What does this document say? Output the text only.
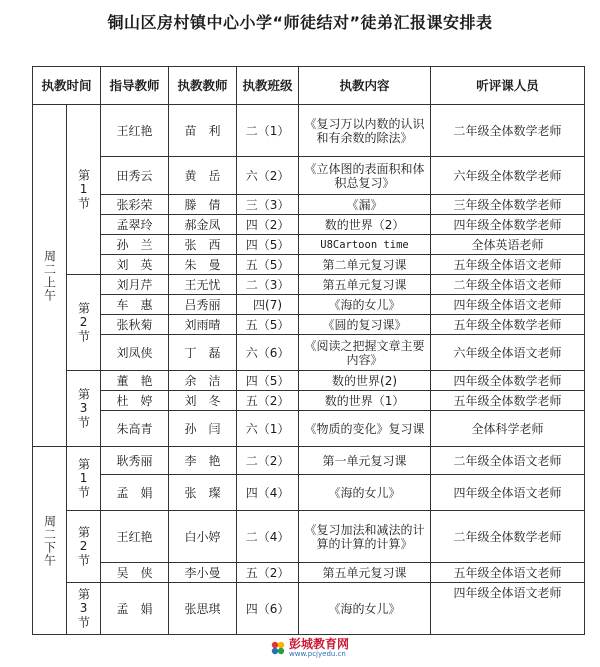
铜山区房村镇中心小学“师徒结对”徒弟汇报课安排表
执教时间		指导教师	执教教师	执教班级	执教内容	听评课人员
周二上午	第1节	王红艳	苗　利	二（1）	《复习万以内数的认识和有余数的除法》	二年级全体数学老师
		田秀云	黄　岳	六（2）	《立体图的表面积和体积总复习》	六年级全体数学老师
		张彩荣	滕　倩	三（3）	《漏》	三年级全体数学老师
		孟翠玲	郝金凤	四（2）	数的世界（2）	四年级全体数学老师
		孙　兰	张　西	四（5）	U8Cartoon time	全体英语老师
		刘　英	朱　曼	五（5）	第二单元复习课	五年级全体语文老师
	第2节	刘月芹	王无忧	二（3）	第五单元复习课	二年级全体语文老师
		车　惠	吕秀丽	四(7)	《海的女儿》	四年级全体语文老师
		张秋菊	刘雨晴	五（5）	《圆的复习课》	五年级全体数学老师
		刘凤侠	丁　磊	六（6）	《阅读之把握文章主要内容》	六年级全体语文老师
	第3节	董　艳	余　洁	四（5）	数的世界(2)	四年级全体数学老师
		杜　婷	刘　冬	五（2）	数的世界（1）	五年级全体数学老师
		朱高青	孙　闫	六（1）	《物质的变化》复习课	全体科学老师
周二下午	第1节	耿秀丽	李　艳	二（2）	第一单元复习课	二年级全体语文老师
		孟　娟	张　璨	四（4）	《海的女儿》	四年级全体语文老师
	第2节	王红艳	白小婷	二（4）	《复习加法和减法的计算的计算的计算》	二年级全体数学老师
		吴　侠	李小曼	五（2）	第五单元复习课	五年级全体语文老师
	第3节	孟　娟	张思琪	四（6）	《海的女儿》	四年级全体语文老师
彭城教育网
www.pcjyedu.cn
